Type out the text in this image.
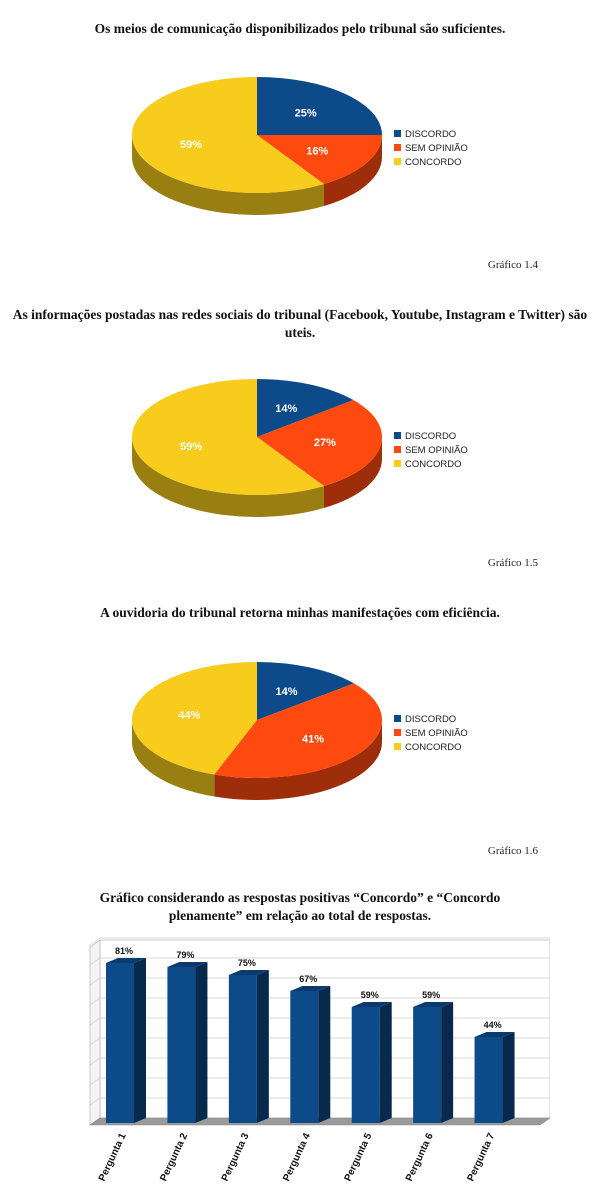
Os meios de comunicação disponibilizados pelo tribunal são suficientes.
25%
16%
59%
DISCORDO
SEM OPINIÃO
CONCORDO
Gráfico 1.4
As informações postadas nas redes sociais do tribunal (Facebook, Youtube, Instagram e Twitter) são uteis.
14%
27%
59%
DISCORDO
SEM OPINIÃO
CONCORDO
Gráfico 1.5
A ouvidoria do tribunal retorna minhas manifestações com eficiência.
14%
41%
44%	DISCORDO
SEM OPINIÃO
CONCORDO
Gráfico 1.6
Gráfico considerando as respostas positivas “Concordo” e “Concordo plenamente” em relação ao total de respostas.
81%
Pergunta 1
79%
Pergunta 2
75%
Pergunta 3
67%
Pergunta 4
59%
Pergunta 5
59%
Pergunta 6
44%
Pergunta 7
